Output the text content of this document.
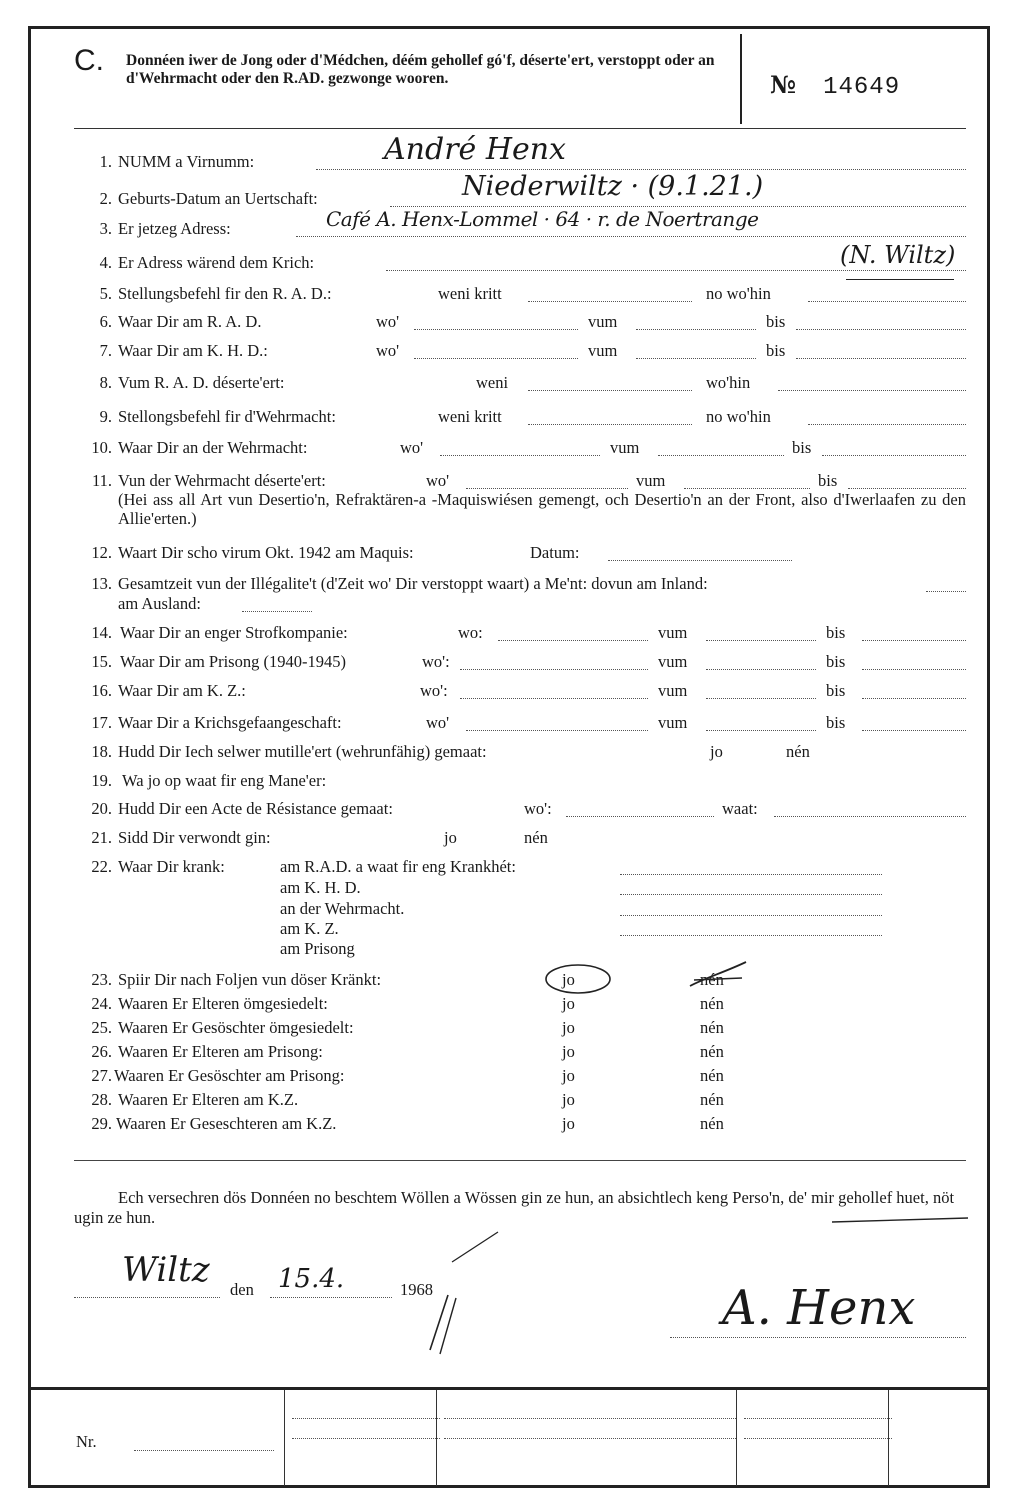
C. Donnéen iwer de Jong oder d'Médchen, déém gehollef gó'f, déserte'ert, verstoppt oder an d'Wehrmacht oder den R.AD. gezwonge wooren.	№ 14649
1. NUMM a Virnumm:	André Henx
2. Geburts-Datum an Uertschaft:	Niederwiltz · (9.1.21.)
3. Er jetzeg Adress:	Café A. Henx-Lommel · 64 · r. de Noertrange
4. Er Adress wärend dem Krich:	(N. Wiltz)
5. Stellungsbefehl fir den R. A. D.:	weni kritt	no wo'hin
6. Waar Dir am R. A. D.	wo'	vum	bis
7. Waar Dir am K. H. D.:	wo'	vum	bis
8. Vum R. A. D. déserte'ert:	weni	wo'hin
9. Stellongsbefehl fir d'Wehrmacht:	weni kritt	no wo'hin
10. Waar Dir an der Wehrmacht:	wo'	vum	bis
11. Vun der Wehrmacht déserte'ert:	wo'	vum	bis
(Hei ass all Art vun Desertio'n, Refraktären-a -Maquiswiésen gemengt, och Desertio'n an der Front, also d'Iwerlaafen zu den Allie'erten.)
12. Waart Dir scho virum Okt. 1942 am Maquis:	Datum:
13. Gesamtzeit vun der Illégalite't (d'Zeit wo' Dir verstoppt waart) a Me'nt: dovun am Inland:
am Ausland:
14. Waar Dir an enger Strofkompanie:	wo:	vum	bis
15. Waar Dir am Prisong (1940-1945)	wo':	vum	bis
16. Waar Dir am K. Z.:	wo':	vum	bis
17. Waar Dir a Krichsgefaangeschaft:	wo'	vum	bis
18. Hudd Dir Iech selwer mutille'ert (wehrunfähig) gemaat:	jo	nén
19. Wa jo op waat fir eng Mane'er:
20. Hudd Dir een Acte de Résistance gemaat:	wo':	waat:
21. Sidd Dir verwondt gin:	jo	nén
22. Waar Dir krank:	am R.A.D. a waat fir eng Krankhét:
am K. H. D.
an der Wehrmacht.
am K. Z.
am Prisong
23. Spiir Dir nach Foljen vun döser Kränkt:	jo	nén
24. Waaren Er Elteren ömgesiedelt:	jo	nén
25. Waaren Er Gesöschter ömgesiedelt:	jo	nén
26. Waaren Er Elteren am Prisong:	jo	nén
27. Waaren Er Gesöschter am Prisong:	jo	nén
28. Waaren Er Elteren am K.Z.	jo	nén
29. Waaren Er Geseschteren am K.Z.	jo	nén
Ech versechren dös Donnéen no beschtem Wöllen a Wössen gin ze hun, an absichtlech keng Perso'n, de' mir gehollef huet, nöt ugin ze hun.
Wiltz den 15.4.	1968	A. Henx
Nr.
